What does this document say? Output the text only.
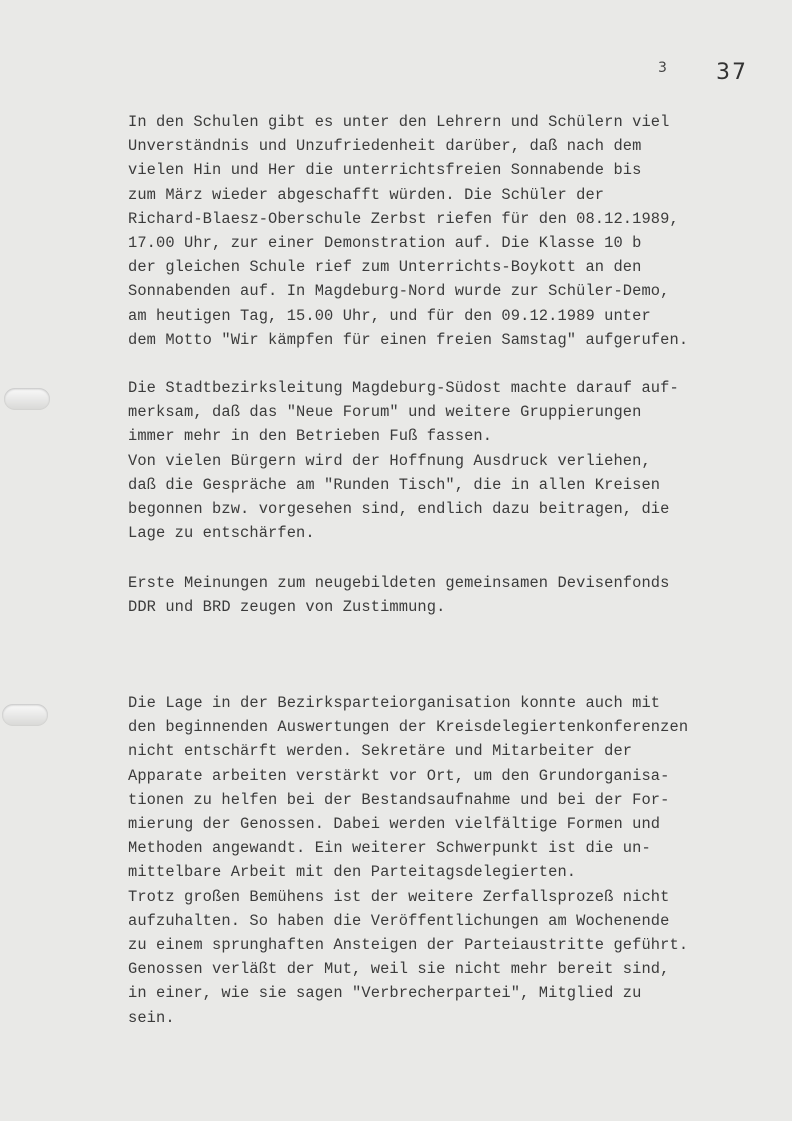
3 37
In den Schulen gibt es unter den Lehrern und Schülern viel
Unverständnis und Unzufriedenheit darüber, daß nach dem
vielen Hin und Her die unterrichtsfreien Sonnabende bis
zum März wieder abgeschafft würden. Die Schüler der
Richard-Blaesz-Oberschule Zerbst riefen für den 08.12.1989,
17.00 Uhr, zur einer Demonstration auf. Die Klasse 10 b
der gleichen Schule rief zum Unterrichts-Boykott an den
Sonnabenden auf. In Magdeburg-Nord wurde zur Schüler-Demo,
am heutigen Tag, 15.00 Uhr, und für den 09.12.1989 unter
dem Motto "Wir kämpfen für einen freien Samstag" aufgerufen.
Die Stadtbezirksleitung Magdeburg-Südost machte darauf auf-
merksam, daß das "Neue Forum" und weitere Gruppierungen
immer mehr in den Betrieben Fuß fassen.
Von vielen Bürgern wird der Hoffnung Ausdruck verliehen,
daß die Gespräche am "Runden Tisch", die in allen Kreisen
begonnen bzw. vorgesehen sind, endlich dazu beitragen, die
Lage zu entschärfen.
Erste Meinungen zum neugebildeten gemeinsamen Devisenfonds
DDR und BRD zeugen von Zustimmung.
Die Lage in der Bezirksparteiorganisation konnte auch mit
den beginnenden Auswertungen der Kreisdelegiertenkonferenzen
nicht entschärft werden. Sekretäre und Mitarbeiter der
Apparate arbeiten verstärkt vor Ort, um den Grundorganisa-
tionen zu helfen bei der Bestandsaufnahme und bei der For-
mierung der Genossen. Dabei werden vielfältige Formen und
Methoden angewandt. Ein weiterer Schwerpunkt ist die un-
mittelbare Arbeit mit den Parteitagsdelegierten.
Trotz großen Bemühens ist der weitere Zerfallsprozeß nicht
aufzuhalten. So haben die Veröffentlichungen am Wochenende
zu einem sprunghaften Ansteigen der Parteiaustritte geführt.
Genossen verläßt der Mut, weil sie nicht mehr bereit sind,
in einer, wie sie sagen "Verbrecherpartei", Mitglied zu
sein.
